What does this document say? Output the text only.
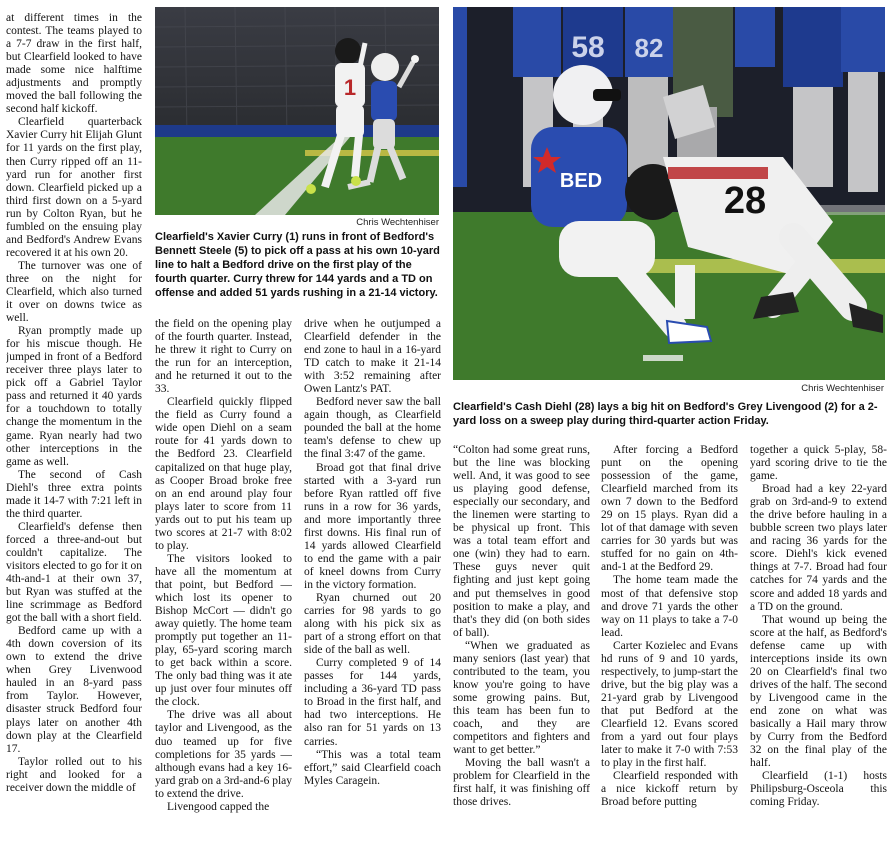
at different times in the contest. The teams played to a 7-7 draw in the first half, but Clearfield looked to have made some nice halftime adjustments and promptly moved the ball following the second half kickoff.

Clearfield quarterback Xavier Curry hit Elijah Glunt for 11 yards on the first play, then Curry ripped off an 11-yard run for another first down. Clearfield picked up a third first down on a 5-yard run by Colton Ryan, but he fumbled on the ensuing play and Bedford's Andrew Evans recovered it at his own 20.

The turnover was one of three on the night for Clearfield, which also turned it over on downs twice as well.

Ryan promptly made up for his miscue though. He jumped in front of a Bedford receiver three plays later to pick off a Gabriel Taylor pass and returned it 40 yards for a touchdown to totally change the momentum in the game. Ryan nearly had two other interceptions in the game as well.

The second of Cash Diehl's three extra points made it 14-7 with 7:21 left in the third quarter.

Clearfield's defense then forced a three-and-out but couldn't capitalize. The visitors elected to go for it on 4th-and-1 at their own 37, but Ryan was stuffed at the line scrimmage as Bedford got the ball with a short field.

Bedford came up with a 4th down coversion of its own to extend the drive when Grey Livenwood hauled in an 8-yard pass from Taylor. However, disaster struck Bedford four plays later on another 4th down play at the Clearfield 17.

Taylor rolled out to his right and looked for a receiver down the middle of

1
Chris Wechtenhiser
Clearfield's Xavier Curry (1) runs in front of Bedford's Bennett Steele (5) to pick off a pass at his own 10-yard line to halt a Bedford drive on the first play of the fourth quarter. Curry threw for 144 yards and a TD on offense and added 51 yards rushing in a 21-14 victory.
58 82
BED	28
Chris Wechtenhiser
Clearfield's Cash Diehl (28) lays a big hit on Bedford's Grey Livengood (2) for a 2-yard loss on a sweep play during third-quarter action Friday.

the field on the opening play of the fourth quarter. Instead, he threw it right to Curry on the run for an interception, and he returned it out to the 33.

Clearfield quickly flipped the field as Curry found a wide open Diehl on a seam route for 41 yards down to the Bedford 23. Clearfield capitalized on that huge play, as Cooper Broad broke free on an end around play four plays later to score from 11 yards out to put his team up two scores at 21-7 with 8:02 to play.

The visitors looked to have all the momentum at that point, but Bedford — which lost its opener to Bishop McCort — didn't go away quietly. The home team promptly put together an 11-play, 65-yard scoring march to get back within a score. The only bad thing was it ate up just over four minutes off the clock.

The drive was all about taylor and Livengood, as the duo teamed up for five completions for 35 yards — although evans had a key 16-yard grab on a 3rd-and-6 play to extend the drive.

Livengood capped the

drive when he outjumped a Clearfield defender in the end zone to haul in a 16-yard TD catch to make it 21-14 with 3:52 remaining after Owen Lantz's PAT.

Bedford never saw the ball again though, as Clearfield pounded the ball at the home team's defense to chew up the final 3:47 of the game.

Broad got that final drive started with a 3-yard run before Ryan rattled off five runs in a row for 36 yards, and more importantly three first downs. His final run of 14 yards allowed Clearfield to end the game with a pair of kneel downs from Curry in the victory formation.

Ryan churned out 20 carries for 98 yards to go along with his pick six as part of a strong effort on that side of the ball as well.

Curry completed 9 of 14 passes for 144 yards, including a 36-yard TD pass to Broad in the first half, and had two interceptions. He also ran for 51 yards on 13 carries.

“This was a total team effort,” said Clearfield coach Myles Caragein.

“Colton had some great runs, but the line was blocking well. And, it was good to see us playing good defense, especially our secondary, and the linemen were starting to be physical up front. This was a total team effort and one (win) they had to earn. These guys never quit fighting and just kept going and put themselves in good position to make a play, and that's they did (on both sides of ball).

“When we graduated as many seniors (last year) that contributed to the team, you know you're going to have some growing pains. But, this team has been fun to coach, and they are competitors and fighters and want to get better.”

Moving the ball wasn't a problem for Clearfield in the first half, it was finishing off those drives.

After forcing a Bedford punt on the opening possession of the game, Clearfield marched from its own 7 down to the Bedford 29 on 15 plays. Ryan did a lot of that damage with seven carries for 30 yards but was stuffed for no gain on 4th-and-1 at the Bedford 29.

The home team made the most of that defensive stop and drove 71 yards the other way on 11 plays to take a 7-0 lead.

Carter Kozielec and Evans hd runs of 9 and 10 yards, respectively, to jump-start the drive, but the big play was a 21-yard grab by Livengood that put Bedford at the Clearfield 12. Evans scored from a yard out four plays later to make it 7-0 with 7:53 to play in the first half.

Clearfield responded with a nice kickoff return by Broad before putting

together a quick 5-play, 58-yard scoring drive to tie the game.

Broad had a key 22-yard grab on 3rd-and-9 to extend the drive before hauling in a bubble screen two plays later and racing 36 yards for the score. Diehl's kick evened things at 7-7. Broad had four catches for 74 yards and the score and added 18 yards and a TD on the ground.

That wound up being the score at the half, as Bedford's defense came up with interceptions inside its own 20 on Clearfield's final two drives of the half. The second by Livengood came in the end zone on what was basically a Hail mary throw by Curry from the Bedford 32 on the final play of the half.

Clearfield (1-1) hosts Philipsburg-Osceola this coming Friday.
